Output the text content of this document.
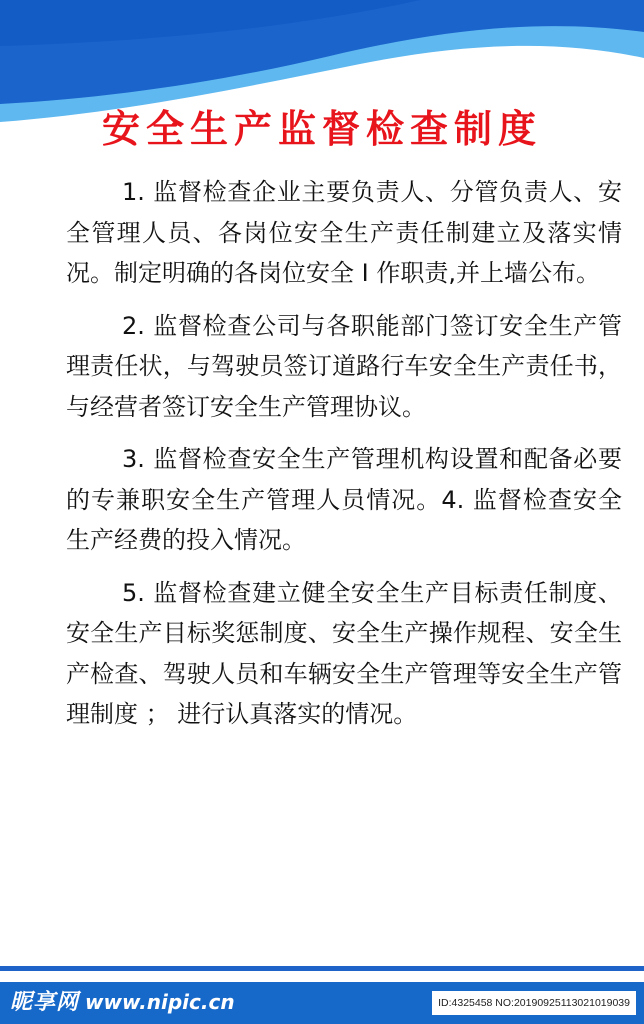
安全生产监督检查制度

1. 监督检查企业主要负责人、分管负责人、安全管理人员、各岗位安全生产责任制建立及落实情况。制定明确的各岗位安全 I 作职责,并上墙公布。

2. 监督检查公司与各职能部门签订安全生产管理责任状，与驾驶员签订道路行车安全生产责任书，与经营者签订安全生产管理协议。

3. 监督检查安全生产管理机构设置和配备必要的专兼职安全生产管理人员情况。4. 监督检查安全生产经费的投入情况。

5. 监督检查建立健全安全生产目标责任制度、安全生产目标奖惩制度、安全生产操作规程、安全生产检查、驾驶人员和车辆安全生产管理等安全生产管理制度 ； 进行认真落实的情况。

昵享网 www.nipic.cn	ID:4325458 NO:20190925113021019039
